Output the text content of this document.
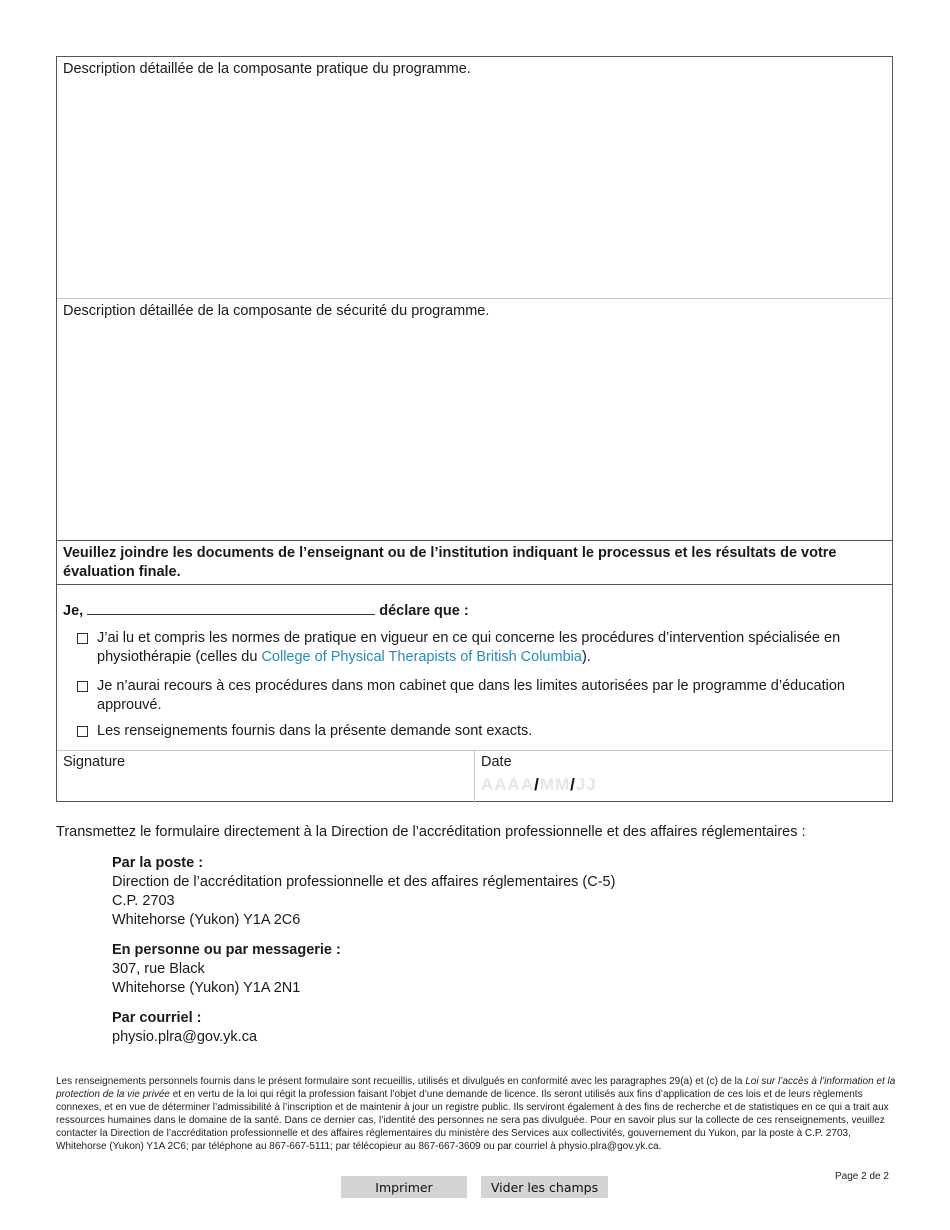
Description détaillée de la composante pratique du programme.
Description détaillée de la composante de sécurité du programme.
Veuillez joindre les documents de l’enseignant ou de l’institution indiquant le processus et les résultats de votre évaluation finale.
Je,	déclare que :
J’ai lu et compris les normes de pratique en vigueur en ce qui concerne les procédures d’intervention spécialisée en physiothérapie (celles du College of Physical Therapists of British Columbia).
Je n’aurai recours à ces procédures dans mon cabinet que dans les limites autorisées par le programme d’éducation approuvé.
Les renseignements fournis dans la présente demande sont exacts.
Signature	Date
AAAA/MM/JJ
Transmettez le formulaire directement à la Direction de l’accréditation professionnelle et des affaires réglementaires :
Par la poste :
Direction de l’accréditation professionnelle et des affaires réglementaires (C-5)
C.P. 2703
Whitehorse (Yukon) Y1A 2C6
En personne ou par messagerie :
307, rue Black
Whitehorse (Yukon) Y1A 2N1
Par courriel :
physio.plra@gov.yk.ca
Les renseignements personnels fournis dans le présent formulaire sont recueillis, utilisés et divulgués en conformité avec les paragraphes 29(a) et (c) de la Loi sur l’accès à l’information et la protection de la vie privée et en vertu de la loi qui régit la profession faisant l’objet d’une demande de licence. Ils seront utilisés aux fins d’application de ces lois et de leurs règlements connexes, et en vue de déterminer l’admissibilité à l’inscription et de maintenir à jour un registre public. Ils serviront également à des fins de recherche et de statistiques en ce qui a trait aux ressources humaines dans le domaine de la santé. Dans ce dernier cas, l’identité des personnes ne sera pas divulguée. Pour en savoir plus sur la collecte de ces renseignements, veuillez contacter la Direction de l’accréditation professionnelle et des affaires réglementaires du ministère des Services aux collectivités, gouvernement du Yukon, par la poste à C.P. 2703, Whitehorse (Yukon) Y1A 2C6; par téléphone au 867-667-5111; par télécopieur au 867-667-3609 ou par courriel à physio.plra@gov.yk.ca.
Page 2 de 2
Imprimer	Vider les champs
